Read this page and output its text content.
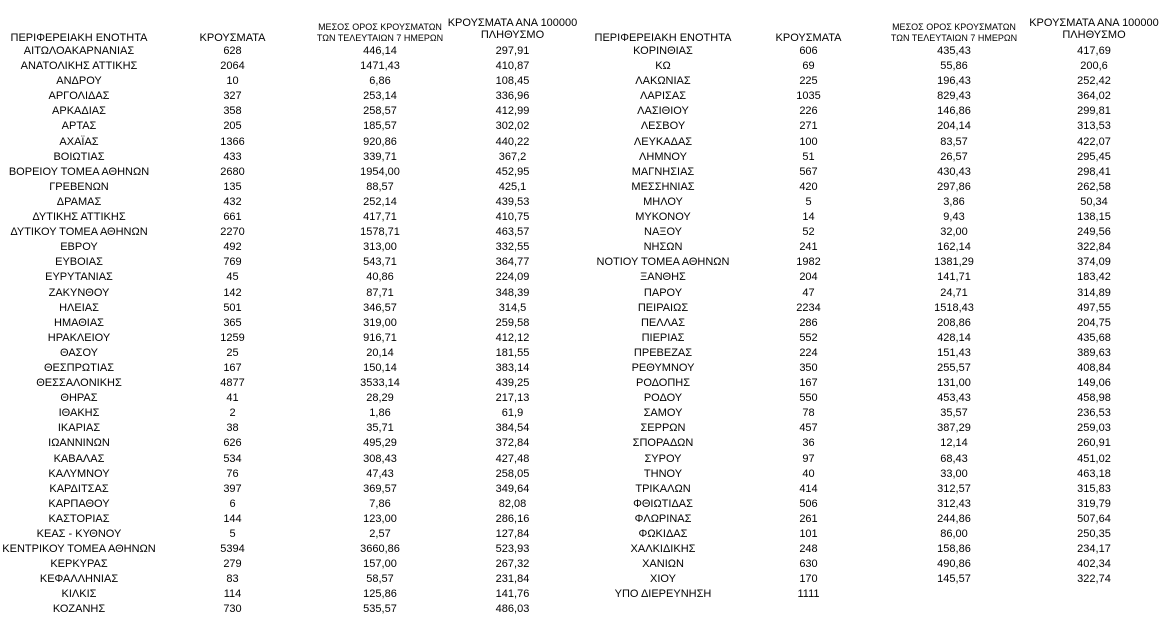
ΠΕΡΙΦΕΡΕΙΑΚΗ ΕΝΟΤΗΤΑ	ΚΡΟΥΣΜΑΤΑ
ΜΕΣΟΣ ΟΡΟΣ ΚΡΟΥΣΜΑΤΩΝ
ΤΩΝ ΤΕΛΕΥΤΑΙΩΝ 7 ΗΜΕΡΩΝ
ΚΡΟΥΣΜΑΤΑ ΑΝΑ 100000
ΠΛΗΘΥΣΜΟ
ΑΙΤΩΛΟΑΚΑΡΝΑΝΙΑΣ	628	446,14	297,91
ΑΝΑΤΟΛΙΚΗΣ ΑΤΤΙΚΗΣ	2064	1471,43	410,87
ΑΝΔΡΟΥ	10	6,86	108,45
ΑΡΓΟΛΙΔΑΣ	327	253,14	336,96
ΑΡΚΑΔΙΑΣ	358	258,57	412,99
ΑΡΤΑΣ	205	185,57	302,02
ΑΧΑΪΑΣ	1366	920,86	440,22
ΒΟΙΩΤΙΑΣ	433	339,71	367,2
ΒΟΡΕΙΟΥ ΤΟΜΕΑ ΑΘΗΝΩΝ	2680	1954,00	452,95
ΓΡΕΒΕΝΩΝ	135	88,57	425,1
ΔΡΑΜΑΣ	432	252,14	439,53
ΔΥΤΙΚΗΣ ΑΤΤΙΚΗΣ	661	417,71	410,75
ΔΥΤΙΚΟΥ ΤΟΜΕΑ ΑΘΗΝΩΝ	2270	1578,71	463,57
ΕΒΡΟΥ	492	313,00	332,55
ΕΥΒΟΙΑΣ	769	543,71	364,77
ΕΥΡΥΤΑΝΙΑΣ	45	40,86	224,09
ΖΑΚΥΝΘΟΥ	142	87,71	348,39
ΗΛΕΙΑΣ	501	346,57	314,5
ΗΜΑΘΙΑΣ	365	319,00	259,58
ΗΡΑΚΛΕΙΟΥ	1259	916,71	412,12
ΘΑΣΟΥ	25	20,14	181,55
ΘΕΣΠΡΩΤΙΑΣ	167	150,14	383,14
ΘΕΣΣΑΛΟΝΙΚΗΣ	4877	3533,14	439,25
ΘΗΡΑΣ	41	28,29	217,13
ΙΘΑΚΗΣ	2	1,86	61,9
ΙΚΑΡΙΑΣ	38	35,71	384,54
ΙΩΑΝΝΙΝΩΝ	626	495,29	372,84
ΚΑΒΑΛΑΣ	534	308,43	427,48
ΚΑΛΥΜΝΟΥ	76	47,43	258,05
ΚΑΡΔΙΤΣΑΣ	397	369,57	349,64
ΚΑΡΠΑΘΟΥ	6	7,86	82,08
ΚΑΣΤΟΡΙΑΣ	144	123,00	286,16
ΚΕΑΣ - ΚΥΘΝΟΥ	5	2,57	127,84
ΚΕΝΤΡΙΚΟΥ ΤΟΜΕΑ ΑΘΗΝΩΝ	5394	3660,86	523,93
ΚΕΡΚΥΡΑΣ	279	157,00	267,32
ΚΕΦΑΛΛΗΝΙΑΣ	83	58,57	231,84
ΚΙΛΚΙΣ	114	125,86	141,76
ΚΟΖΑΝΗΣ	730	535,57	486,03
ΠΕΡΙΦΕΡΕΙΑΚΗ ΕΝΟΤΗΤΑ	ΚΡΟΥΣΜΑΤΑ
ΜΕΣΟΣ ΟΡΟΣ ΚΡΟΥΣΜΑΤΩΝ
ΤΩΝ ΤΕΛΕΥΤΑΙΩΝ 7 ΗΜΕΡΩΝ
ΚΡΟΥΣΜΑΤΑ ΑΝΑ 100000
ΠΛΗΘΥΣΜΟ
ΚΟΡΙΝΘΙΑΣ	606	435,43	417,69
ΚΩ	69	55,86	200,6
ΛΑΚΩΝΙΑΣ	225	196,43	252,42
ΛΑΡΙΣΑΣ	1035	829,43	364,02
ΛΑΣΙΘΙΟΥ	226	146,86	299,81
ΛΕΣΒΟΥ	271	204,14	313,53
ΛΕΥΚΑΔΑΣ	100	83,57	422,07
ΛΗΜΝΟΥ	51	26,57	295,45
ΜΑΓΝΗΣΙΑΣ	567	430,43	298,41
ΜΕΣΣΗΝΙΑΣ	420	297,86	262,58
ΜΗΛΟΥ	5	3,86	50,34
ΜΥΚΟΝΟΥ	14	9,43	138,15
ΝΑΞΟΥ	52	32,00	249,56
ΝΗΣΩΝ	241	162,14	322,84
ΝΟΤΙΟΥ ΤΟΜΕΑ ΑΘΗΝΩΝ	1982	1381,29	374,09
ΞΑΝΘΗΣ	204	141,71	183,42
ΠΑΡΟΥ	47	24,71	314,89
ΠΕΙΡΑΙΩΣ	2234	1518,43	497,55
ΠΕΛΛΑΣ	286	208,86	204,75
ΠΙΕΡΙΑΣ	552	428,14	435,68
ΠΡΕΒΕΖΑΣ	224	151,43	389,63
ΡΕΘΥΜΝΟΥ	350	255,57	408,84
ΡΟΔΟΠΗΣ	167	131,00	149,06
ΡΟΔΟΥ	550	453,43	458,98
ΣΑΜΟΥ	78	35,57	236,53
ΣΕΡΡΩΝ	457	387,29	259,03
ΣΠΟΡΑΔΩΝ	36	12,14	260,91
ΣΥΡΟΥ	97	68,43	451,02
ΤΗΝΟΥ	40	33,00	463,18
ΤΡΙΚΑΛΩΝ	414	312,57	315,83
ΦΘΙΩΤΙΔΑΣ	506	312,43	319,79
ΦΛΩΡΙΝΑΣ	261	244,86	507,64
ΦΩΚΙΔΑΣ	101	86,00	250,35
ΧΑΛΚΙΔΙΚΗΣ	248	158,86	234,17
ΧΑΝΙΩΝ	630	490,86	402,34
ΧΙΟΥ	170	145,57	322,74
ΥΠΟ ΔΙΕΡΕΥΝΗΣΗ	1111
